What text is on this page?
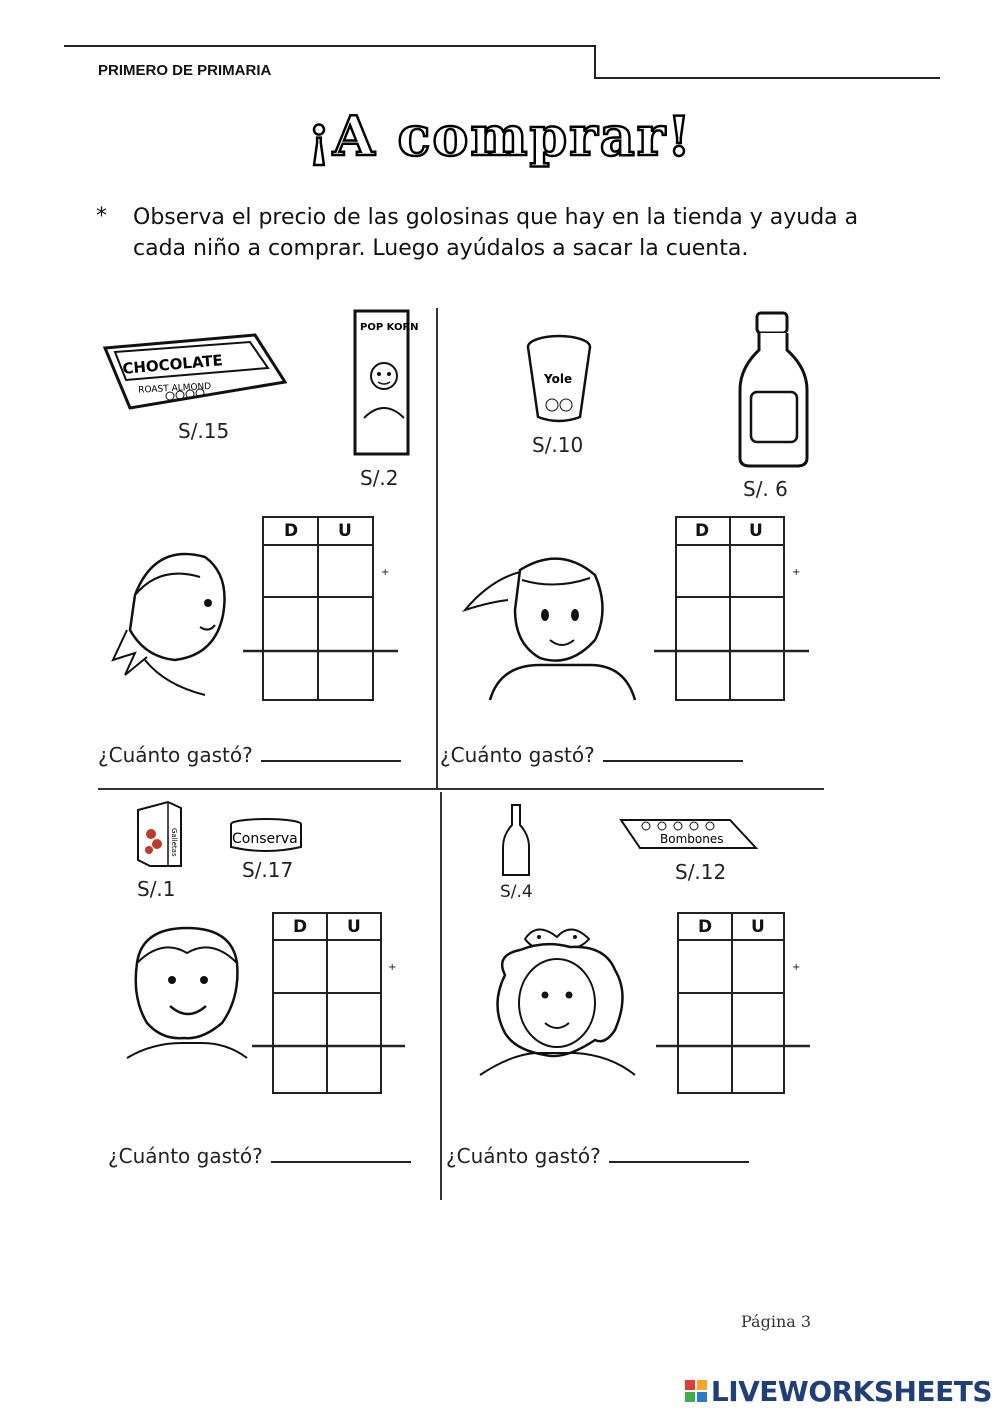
PRIMERO DE PRIMARIA
¡A comprar!
* Observa el precio de las golosinas que hay en la tienda y ayuda a cada niño a comprar. Luego ayúdalos a sacar la cuenta.
CHOCOLATE
ROAST ALMOND
S/.15
POP KORN
S/.2
D U
+
¿Cuánto gastó?
Yole
S/.10
S/. 6
D U
+
¿Cuánto gastó?
Galletas
S/.1
Conserva
S/.17
D U
+
¿Cuánto gastó?
S/.4
Bombones
S/.12
D U
+
¿Cuánto gastó?
Página 3
LIVEWORKSHEETS
